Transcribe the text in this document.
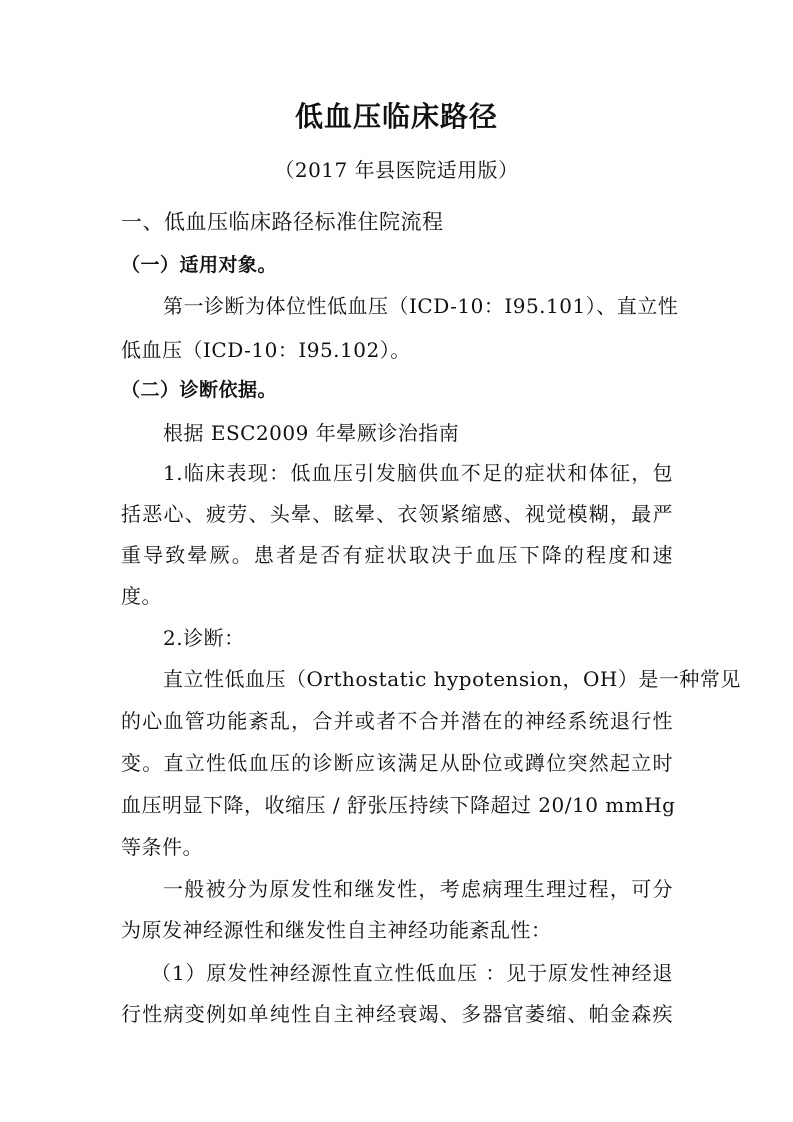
低血压临床路径
（2017 年县医院适用版）
一、低血压临床路径标准住院流程
（一）适用对象。
第一诊断为体位性低血压（ICD-10：I95.101）、直立性
低血压（ICD-10：I95.102）。
（二）诊断依据。
根据 ESC2009 年晕厥诊治指南
1.临床表现：低血压引发脑供血不足的症状和体征，包
括恶心、疲劳、头晕、眩晕、衣领紧缩感、视觉模糊，最严
重导致晕厥。患者是否有症状取决于血压下降的程度和速
度。
2.诊断：
直立性低血压（Orthostatic hypotension，OH）是一种常见
的心血管功能紊乱，合并或者不合并潜在的神经系统退行性
变。直立性低血压的诊断应该满足从卧位或蹲位突然起立时
血压明显下降，收缩压 / 舒张压持续下降超过 20/10 mmHg
等条件。
一般被分为原发性和继发性，考虑病理生理过程，可分
为原发神经源性和继发性自主神经功能紊乱性：
（1）原发性神经源性直立性低血压 ：见于原发性神经退
行性病变例如单纯性自主神经衰竭、多器官萎缩、帕金森疾
